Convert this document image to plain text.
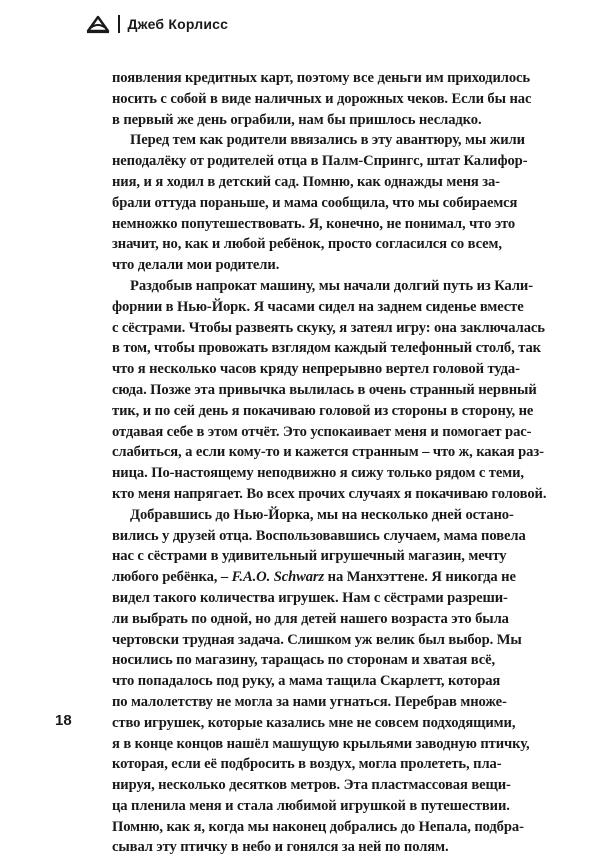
Джеб Корлисс
появления кредитных карт, поэтому все деньги им приходилось
носить с собой в виде наличных и дорожных чеков. Если бы нас
в первый же день ограбили, нам бы пришлось несладко.
Перед тем как родители ввязались в эту авантюру, мы жили
неподалёку от родителей отца в Палм-Спрингс, штат Калифор-
ния, и я ходил в детский сад. Помню, как однажды меня за-
брали оттуда пораньше, и мама сообщила, что мы собираемся
немножко попутешествовать. Я, конечно, не понимал, что это
значит, но, как и любой ребёнок, просто согласился со всем,
что делали мои родители.
Раздобыв напрокат машину, мы начали долгий путь из Кали-
форнии в Нью-Йорк. Я часами сидел на заднем сиденье вместе
с сёстрами. Чтобы развеять скуку, я затеял игру: она заключалась
в том, чтобы провожать взглядом каждый телефонный столб, так
что я несколько часов кряду непрерывно вертел головой туда-
сюда. Позже эта привычка вылилась в очень странный нервный
тик, и по сей день я покачиваю головой из стороны в сторону, не
отдавая себе в этом отчёт. Это успокаивает меня и помогает рас-
слабиться, а если кому-то и кажется странным – что ж, какая раз-
ница. По-настоящему неподвижно я сижу только рядом с теми,
кто меня напрягает. Во всех прочих случаях я покачиваю головой.
Добравшись до Нью-Йорка, мы на несколько дней остано-
вились у друзей отца. Воспользовавшись случаем, мама повела
нас с сёстрами в удивительный игрушечный магазин, мечту
любого ребёнка, – F.A.O. Schwarz на Манхэттене. Я никогда не
видел такого количества игрушек. Нам с сёстрами разреши-
ли выбрать по одной, но для детей нашего возраста это была
чертовски трудная задача. Слишком уж велик был выбор. Мы
носились по магазину, таращась по сторонам и хватая всё,
что попадалось под руку, а мама тащила Скарлетт, которая
по малолетству не могла за нами угнаться. Перебрав множе-
ство игрушек, которые казались мне не совсем подходящими,
я в конце концов нашёл машущую крыльями заводную птичку,
которая, если её подбросить в воздух, могла пролететь, пла-
нируя, несколько десятков метров. Эта пластмассовая вещи-
ца пленила меня и стала любимой игрушкой в путешествии.
Помню, как я, когда мы наконец добрались до Непала, подбра-
сывал эту птичку в небо и гонялся за ней по полям.
18
